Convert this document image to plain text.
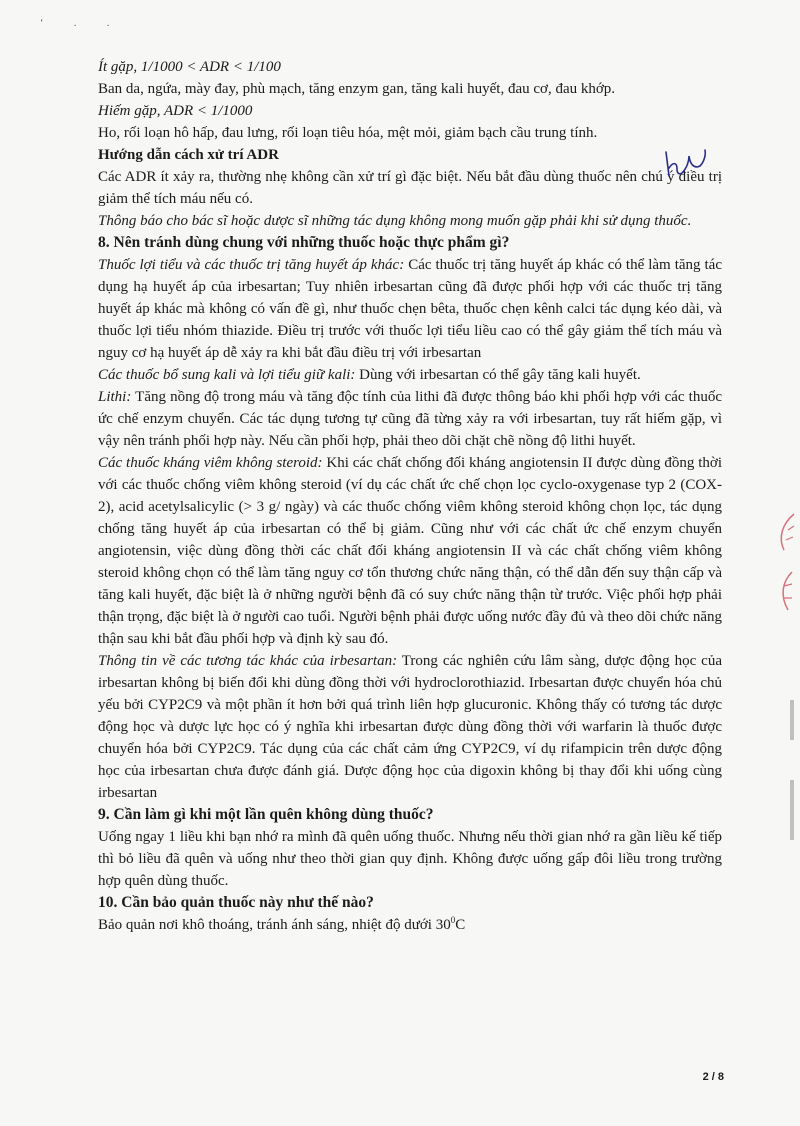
ʻ . .

Ít gặp, 1/1000 < ADR < 1/100

Ban da, ngứa, mày đay, phù mạch, tăng enzym gan, tăng kali huyết, đau cơ, đau khớp.

Hiếm gặp, ADR < 1/1000

Ho, rối loạn hô hấp, đau lưng, rối loạn tiêu hóa, mệt mỏi, giảm bạch cầu trung tính.

Hướng dẫn cách xử trí ADR

Các ADR ít xảy ra, thường nhẹ không cần xử trí gì đặc biệt. Nếu bắt đầu dùng thuốc nên chú ý điều trị giảm thể tích máu nếu có.

Thông báo cho bác sĩ hoặc dược sĩ những tác dụng không mong muốn gặp phải khi sử dụng thuốc.

8. Nên tránh dùng chung với những thuốc hoặc thực phẩm gì?

Thuốc lợi tiểu và các thuốc trị tăng huyết áp khác: Các thuốc trị tăng huyết áp khác có thể làm tăng tác dụng hạ huyết áp của irbesartan; Tuy nhiên irbesartan cũng đã được phối hợp với các thuốc trị tăng huyết áp khác mà không có vấn đề gì, như thuốc chẹn bêta, thuốc chẹn kênh calci tác dụng kéo dài, và thuốc lợi tiểu nhóm thiazide. Điều trị trước với thuốc lợi tiểu liều cao có thể gây giảm thể tích máu và nguy cơ hạ huyết áp dễ xảy ra khi bắt đầu điều trị với irbesartan

Các thuốc bổ sung kali và lợi tiểu giữ kali: Dùng với irbesartan có thể gây tăng kali huyết.

Lithi: Tăng nồng độ trong máu và tăng độc tính của lithi đã được thông báo khi phối hợp với các thuốc ức chế enzym chuyển. Các tác dụng tương tự cũng đã từng xảy ra với irbesartan, tuy rất hiếm gặp, vì vậy nên tránh phối hợp này. Nếu cần phối hợp, phải theo dõi chặt chẽ nồng độ lithi huyết.

Các thuốc kháng viêm không steroid: Khi các chất chống đối kháng angiotensin II được dùng đồng thời với các thuốc chống viêm không steroid (ví dụ các chất ức chế chọn lọc cyclo-oxygenase typ 2 (COX-2), acid acetylsalicylic (> 3 g/ ngày) và các thuốc chống viêm không steroid không chọn lọc, tác dụng chống tăng huyết áp của irbesartan có thể bị giảm. Cũng như với các chất ức chế enzym chuyển angiotensin, việc dùng đồng thời các chất đối kháng angiotensin II và các chất chống viêm không steroid không chọn có thể làm tăng nguy cơ tổn thương chức năng thận, có thể dẫn đến suy thận cấp và tăng kali huyết, đặc biệt là ở những người bệnh đã có suy chức năng thận từ trước. Việc phối hợp phải thận trọng, đặc biệt là ở người cao tuổi. Người bệnh phải được uống nước đầy đủ và theo dõi chức năng thận sau khi bắt đầu phối hợp và định kỳ sau đó.

Thông tin về các tương tác khác của irbesartan: Trong các nghiên cứu lâm sàng, dược động học của irbesartan không bị biến đổi khi dùng đồng thời với hydroclorothiazid. Irbesartan được chuyển hóa chủ yếu bởi CYP2C9 và một phần ít hơn bởi quá trình liên hợp glucuronic. Không thấy có tương tác dược động học và dược lực học có ý nghĩa khi irbesartan được dùng đồng thời với warfarin là thuốc được chuyển hóa bởi CYP2C9. Tác dụng của các chất cảm ứng CYP2C9, ví dụ rifampicin trên dược động học của irbesartan chưa được đánh giá. Dược động học của digoxin không bị thay đổi khi uống cùng irbesartan

9. Cần làm gì khi một lần quên không dùng thuốc?

Uống ngay 1 liều khi bạn nhớ ra mình đã quên uống thuốc. Nhưng nếu thời gian nhớ ra gần liều kế tiếp thì bỏ liều đã quên và uống như theo thời gian quy định. Không được uống gấp đôi liều trong trường hợp quên dùng thuốc.

10. Cần bảo quản thuốc này như thế nào?

Bảo quản nơi khô thoáng, tránh ánh sáng, nhiệt độ dưới $30^0C$

2 / 8
